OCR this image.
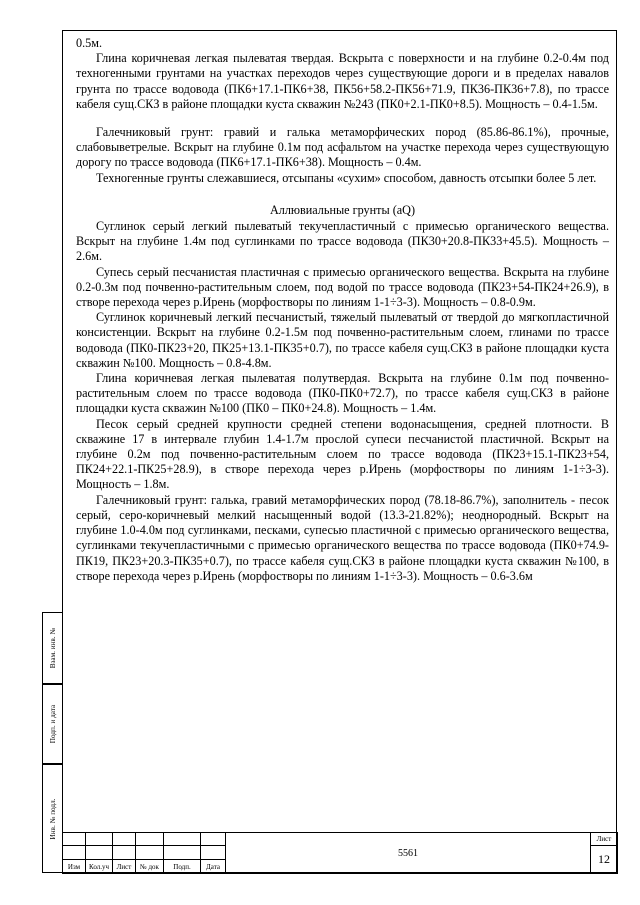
0.5м.

Глина коричневая легкая пылеватая твердая. Вскрыта с поверхности и на глубине 0.2-0.4м под техногенными грунтами на участках переходов через существующие дороги и в пределах навалов грунта по трассе водовода (ПК6+17.1-ПК6+38, ПК56+58.2-ПК56+71.9, ПК36-ПК36+7.8), по трассе кабеля сущ.СКЗ в районе площадки куста скважин №243 (ПК0+2.1-ПК0+8.5). Мощность – 0.4-1.5м.

Галечниковый грунт: гравий и галька метаморфических пород (85.86-86.1%), прочные, слабовыветрелые. Вскрыт на глубине 0.1м под асфальтом на участке перехода через существующую дорогу по трассе водовода (ПК6+17.1-ПК6+38). Мощность – 0.4м.

Техногенные грунты слежавшиеся, отсыпаны «сухим» способом, давность отсыпки более 5 лет.

Аллювиальные грунты (aQ)

Суглинок серый легкий пылеватый текучепластичный с примесью органического вещества. Вскрыт на глубине 1.4м под суглинками по трассе водовода (ПК30+20.8-ПК33+45.5). Мощность – 2.6м.

Супесь серый песчанистая пластичная с примесью органического вещества. Вскрыта на глубине 0.2-0.3м под почвенно-растительным слоем, под водой по трассе водовода (ПК23+54-ПК24+26.9), в створе перехода через р.Ирень (морфостворы по линиям 1-1÷3-3). Мощность – 0.8-0.9м.

Суглинок коричневый легкий песчанистый, тяжелый пылеватый от твердой до мягкопластичной консистенции. Вскрыт на глубине 0.2-1.5м под почвенно-растительным слоем, глинами по трассе водовода (ПК0-ПК23+20, ПК25+13.1-ПК35+0.7), по трассе кабеля сущ.СКЗ в районе площадки куста скважин №100. Мощность – 0.8-4.8м.

Глина коричневая легкая пылеватая полутвердая. Вскрыта на глубине 0.1м под почвенно-растительным слоем по трассе водовода (ПК0-ПК0+72.7), по трассе кабеля сущ.СКЗ в районе площадки куста скважин №100 (ПК0 – ПК0+24.8). Мощность – 1.4м.

Песок серый средней крупности средней степени водонасыщения, средней плотности. В скважине 17 в интервале глубин 1.4-1.7м прослой супеси песчанистой пластичной. Вскрыт на глубине 0.2м под почвенно-растительным слоем по трассе водовода (ПК23+15.1-ПК23+54, ПК24+22.1-ПК25+28.9), в створе перехода через р.Ирень (морфостворы по линиям 1-1÷3-3). Мощность – 1.8м.

Галечниковый грунт: галька, гравий метаморфических пород (78.18-86.7%), заполнитель - песок серый, серо-коричневый мелкий насыщенный водой (13.3-21.82%); неоднородный. Вскрыт на глубине 1.0-4.0м под суглинками, песками, супесью пластичной с примесью органического вещества, суглинками текучепластичными с примесью органического вещества по трассе водовода (ПК0+74.9-ПК19, ПК23+20.3-ПК35+0.7), по трассе кабеля сущ.СКЗ в районе площадки куста скважин №100, в створе перехода через р.Ирень (морфостворы по линиям 1-1÷3-3). Мощность – 0.6-3.6м

Взам. инв. №
Подп. и дата
Инв. № подл.
						5561	Лист
							12
Изм	Кол.уч	Лист	№ док	Подп.	Дата		
